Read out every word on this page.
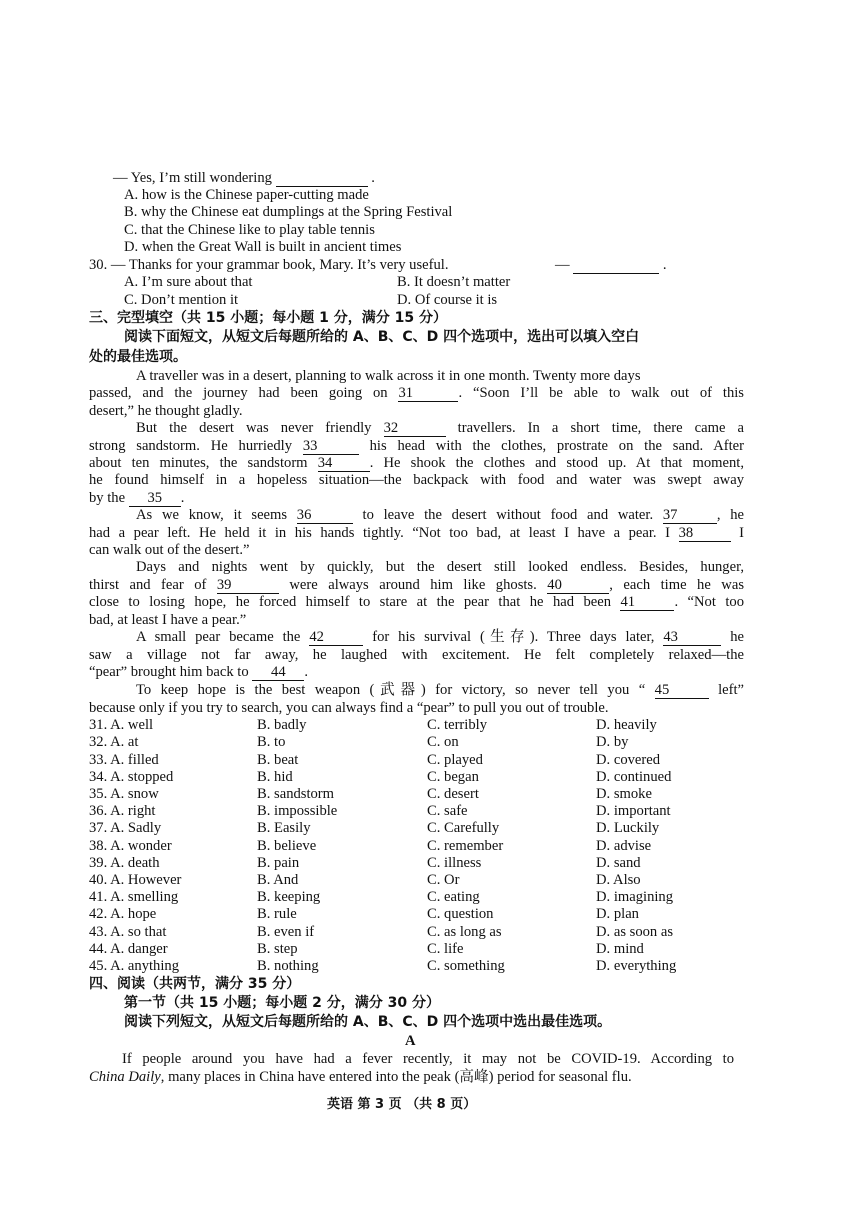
— Yes, I’m still wondering	.
A. how is the Chinese paper-cutting made
B. why the Chinese eat dumplings at the Spring Festival
C. that the Chinese like to play table tennis
D. when the Great Wall is built in ancient times
30. — Thanks for your grammar book, Mary. It’s very useful.	—	.
A. I’m sure about that	B. It doesn’t matter
C. Don’t mention it	D. Of course it is
三、完型填空（共 15 小题；每小题 1 分，满分 15 分）
阅读下面短文，从短文后每题所给的 A、B、C、D 四个选项中，选出可以填入空白
处的最佳选项。
A traveller was in a desert, planning to walk across it in one month. Twenty more days
passed, and the journey had been going on 31	. “Soon I’ll be able to walk out of this
desert,” he thought gladly.
But the desert was never friendly 32	travellers. In a short time, there came a
strong sandstorm. He hurriedly 33	his head with the clothes, prostrate on the sand. After
about ten minutes, the sandstorm 34	. He shook the clothes and stood up. At that moment,
he found himself in a hopeless situation—the backpack with food and water was swept away
by the 35 .
As we know, it seems 36	to leave the desert without food and water. 37	, he
had a pear left. He held it in his hands tightly. “Not too bad, at least I have a pear. I 38	I
can walk out of the desert.”
Days and nights went by quickly, but the desert still looked endless. Besides, hunger,
thirst and fear of 39	were always around him like ghosts. 40	, each time he was
close to losing hope, he forced himself to stare at the pear that he had been 41	. “Not too
bad, at least I have a pear.”
A small pear became the 42	for his survival (生存). Three days later, 43	he
saw a village not far away, he laughed with excitement. He felt completely relaxed—the
“pear” brought him back to 44 .
To keep hope is the best weapon (武器) for victory, so never tell you “ 45	left”
because only if you try to search, you can always find a “pear” to pull you out of trouble.
31. A. well	B. badly	C. terribly	D. heavily
32. A. at	B. to	C. on	D. by
33. A. filled	B. beat	C. played	D. covered
34. A. stopped	B. hid	C. began	D. continued
35. A. snow	B. sandstorm	C. desert	D. smoke
36. A. right	B. impossible	C. safe	D. important
37. A. Sadly	B. Easily	C. Carefully	D. Luckily
38. A. wonder	B. believe	C. remember	D. advise
39. A. death	B. pain	C. illness	D. sand
40. A. However	B. And	C. Or	D. Also
41. A. smelling	B. keeping	C. eating	D. imagining
42. A. hope	B. rule	C. question	D. plan
43. A. so that	B. even if	C. as long as	D. as soon as
44. A. danger	B. step	C. life	D. mind
45. A. anything	B. nothing	C. something	D. everything
四、阅读（共两节，满分 35 分）
第一节（共 15 小题；每小题 2 分，满分 30 分）
阅读下列短文，从短文后每题所给的 A、B、C、D 四个选项中选出最佳选项。
A
If people around you have had a fever recently, it may not be COVID-19. According to
China Daily, many places in China have entered into the peak (高峰) period for seasonal flu.
英语 第 3 页 （共 8 页）
